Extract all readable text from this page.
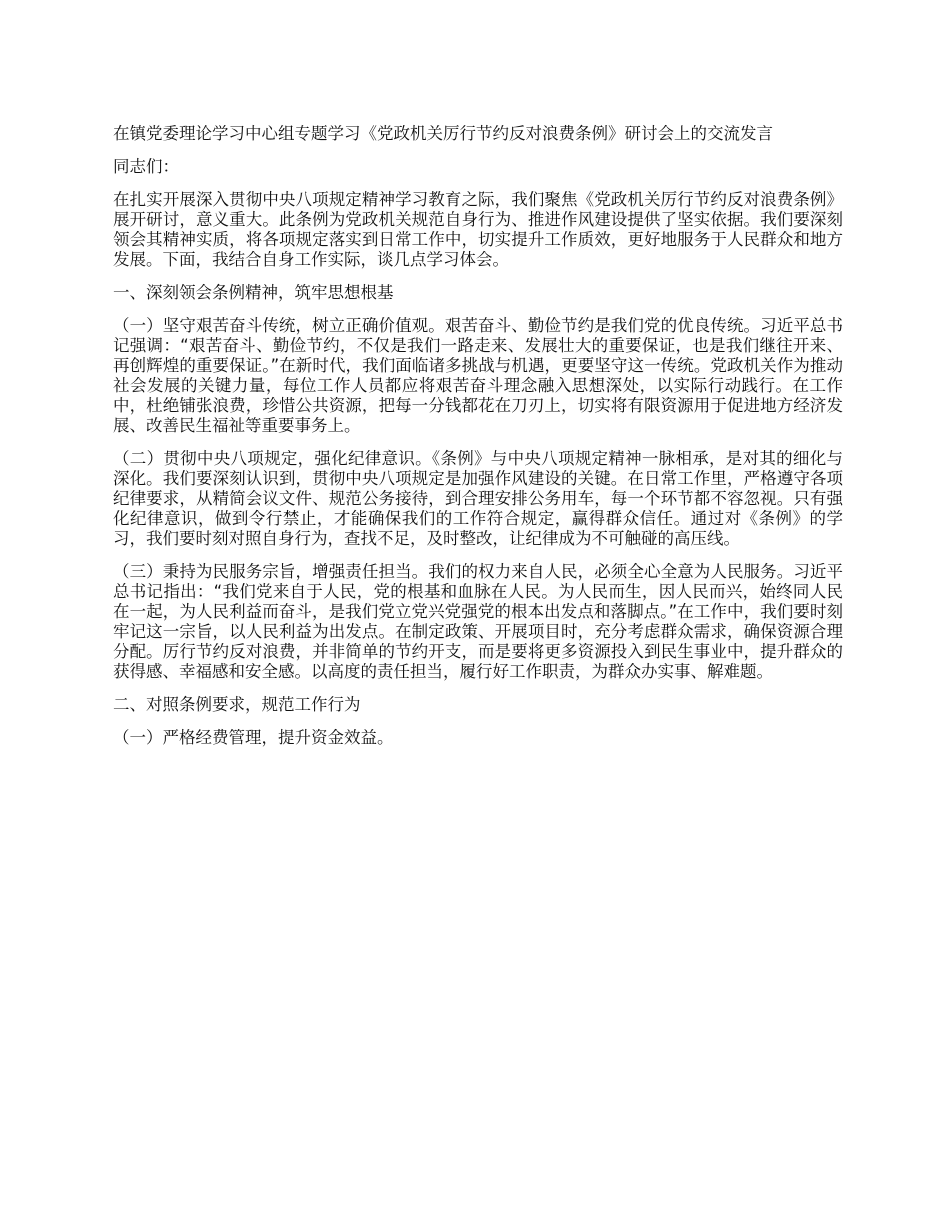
在镇党委理论学习中心组专题学习《党政机关厉行节约反对浪费条例》研讨会上的交流发言

同志们：

在扎实开展深入贯彻中央八项规定精神学习教育之际，我们聚焦《党政机关厉行节约反对浪费条例》展开研讨，意义重大。此条例为党政机关规范自身行为、推进作风建设提供了坚实依据。我们要深刻领会其精神实质，将各项规定落实到日常工作中，切实提升工作质效，更好地服务于人民群众和地方发展。下面，我结合自身工作实际，谈几点学习体会。

一、深刻领会条例精神，筑牢思想根基

（一）坚守艰苦奋斗传统，树立正确价值观。艰苦奋斗、勤俭节约是我们党的优良传统。习近平总书记强调：“艰苦奋斗、勤俭节约，不仅是我们一路走来、发展壮大的重要保证，也是我们继往开来、再创辉煌的重要保证。”在新时代，我们面临诸多挑战与机遇，更要坚守这一传统。党政机关作为推动社会发展的关键力量，每位工作人员都应将艰苦奋斗理念融入思想深处，以实际行动践行。在工作中，杜绝铺张浪费，珍惜公共资源，把每一分钱都花在刀刃上，切实将有限资源用于促进地方经济发展、改善民生福祉等重要事务上。

（二）贯彻中央八项规定，强化纪律意识。《条例》与中央八项规定精神一脉相承，是对其的细化与深化。我们要深刻认识到，贯彻中央八项规定是加强作风建设的关键。在日常工作里，严格遵守各项纪律要求，从精简会议文件、规范公务接待，到合理安排公务用车，每一个环节都不容忽视。只有强化纪律意识，做到令行禁止，才能确保我们的工作符合规定，赢得群众信任。通过对《条例》的学习，我们要时刻对照自身行为，查找不足，及时整改，让纪律成为不可触碰的高压线。

（三）秉持为民服务宗旨，增强责任担当。我们的权力来自人民，必须全心全意为人民服务。习近平总书记指出：“我们党来自于人民，党的根基和血脉在人民。为人民而生，因人民而兴，始终同人民在一起，为人民利益而奋斗，是我们党立党兴党强党的根本出发点和落脚点。”在工作中，我们要时刻牢记这一宗旨，以人民利益为出发点。在制定政策、开展项目时，充分考虑群众需求，确保资源合理分配。厉行节约反对浪费，并非简单的节约开支，而是要将更多资源投入到民生事业中，提升群众的获得感、幸福感和安全感。以高度的责任担当，履行好工作职责，为群众办实事、解难题。

二、对照条例要求，规范工作行为

（一）严格经费管理，提升资金效益。
